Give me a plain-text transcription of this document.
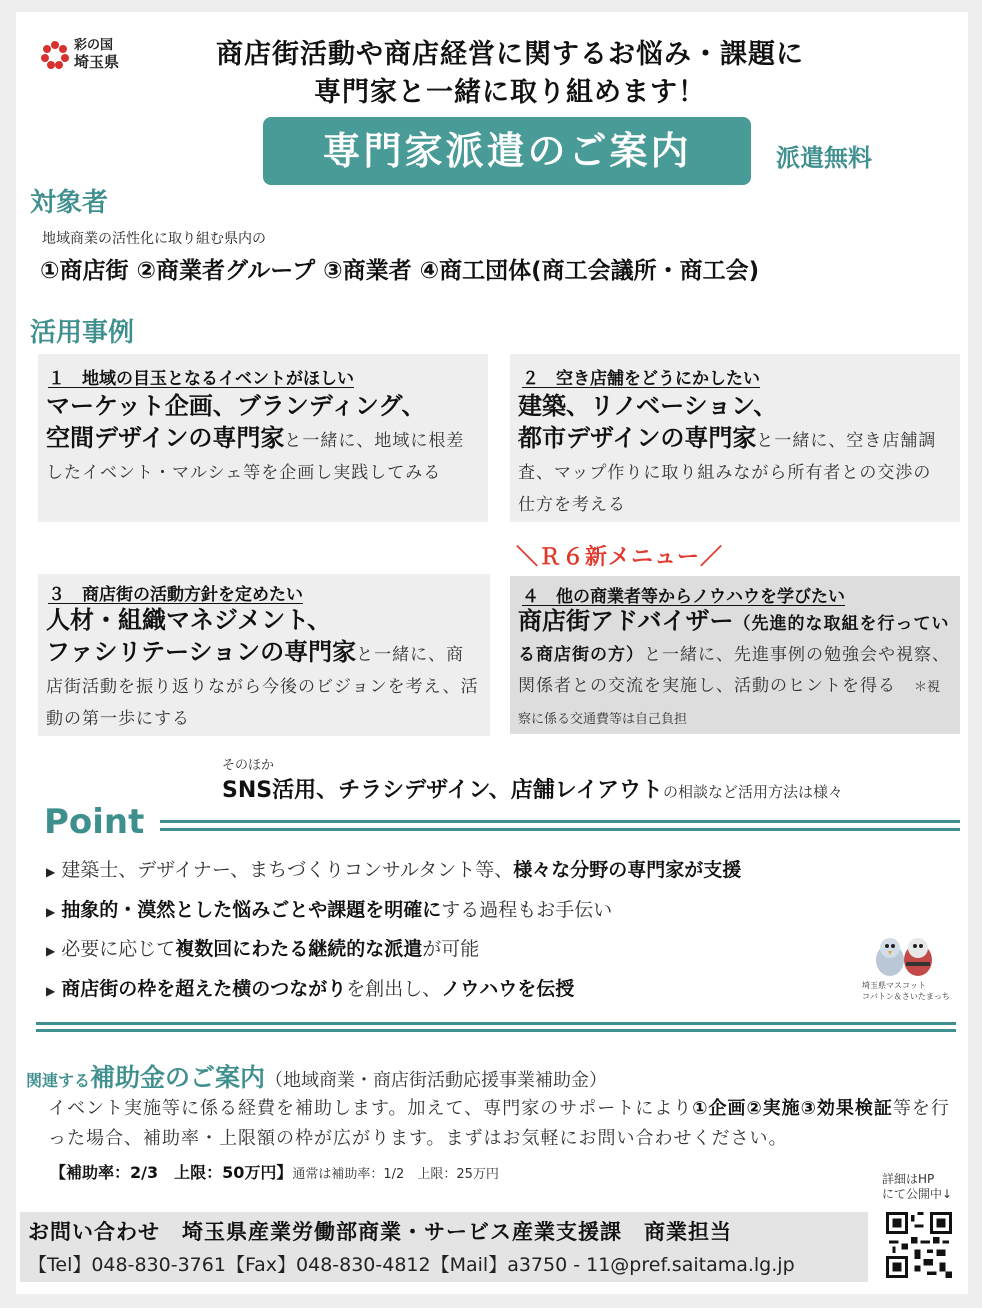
彩の国
埼玉県	商店街活動や商店経営に関するお悩み・課題に
専門家と一緒に取り組めます！
専門家派遣のご案内	派遣無料
対象者
地域商業の活性化に取り組む県内の
①商店街 ②商業者グループ ③商業者 ④商工団体(商工会議所・商工会)
活用事例
１　地域の目玉となるイベントがほしい
マーケット企画、ブランディング、
空間デザインの専門家と一緒に、地域に根差したイベント・マルシェ等を企画し実践してみる
２　空き店舗をどうにかしたい
建築、リノベーション、
都市デザインの専門家と一緒に、空き店舗調査、マップ作りに取り組みながら所有者との交渉の仕方を考える
＼Ｒ６新メニュー／
３　商店街の活動方針を定めたい
人材・組織マネジメント、
ファシリテーションの専門家と一緒に、商店街活動を振り返りながら今後のビジョンを考え、活動の第一歩にする
４　他の商業者等からノウハウを学びたい
商店街アドバイザー（先進的な取組を行っている商店街の方）と一緒に、先進事例の勉強会や視察、関係者との交流を実施し、活動のヒントを得る　 ＊視察に係る交通費等は自己負担
そのほか
SNS活用、チラシデザイン、店舗レイアウトの相談など活用方法は様々
Point
▶ 建築士、デザイナー、まちづくりコンサルタント等、様々な分野の専門家が支援
▶ 抽象的・漠然とした悩みごとや課題を明確にする過程もお手伝い
▶ 必要に応じて複数回にわたる継続的な派遣が可能
▶ 商店街の枠を超えた横のつながりを創出し、ノウハウを伝授	埼玉県マスコット
コバトン＆さいたまっち
関連する補助金のご案内（地域商業・商店街活動応援事業補助金）
イベント実施等に係る経費を補助します。加えて、専門家のサポートにより①企画②実施③効果検証等を行った場合、補助率・上限額の枠が広がります。まずはお気軽にお問い合わせください。
【補助率：2/3　上限：50万円】通常は補助率：1/2　上限：25万円	詳細はHP
にて公開中↓
お問い合わせ　埼玉県産業労働部商業・サービス産業支援課　商業担当
【Tel】048-830-3761【Fax】048-830-4812【Mail】a3750 - 11@pref.saitama.lg.jp
